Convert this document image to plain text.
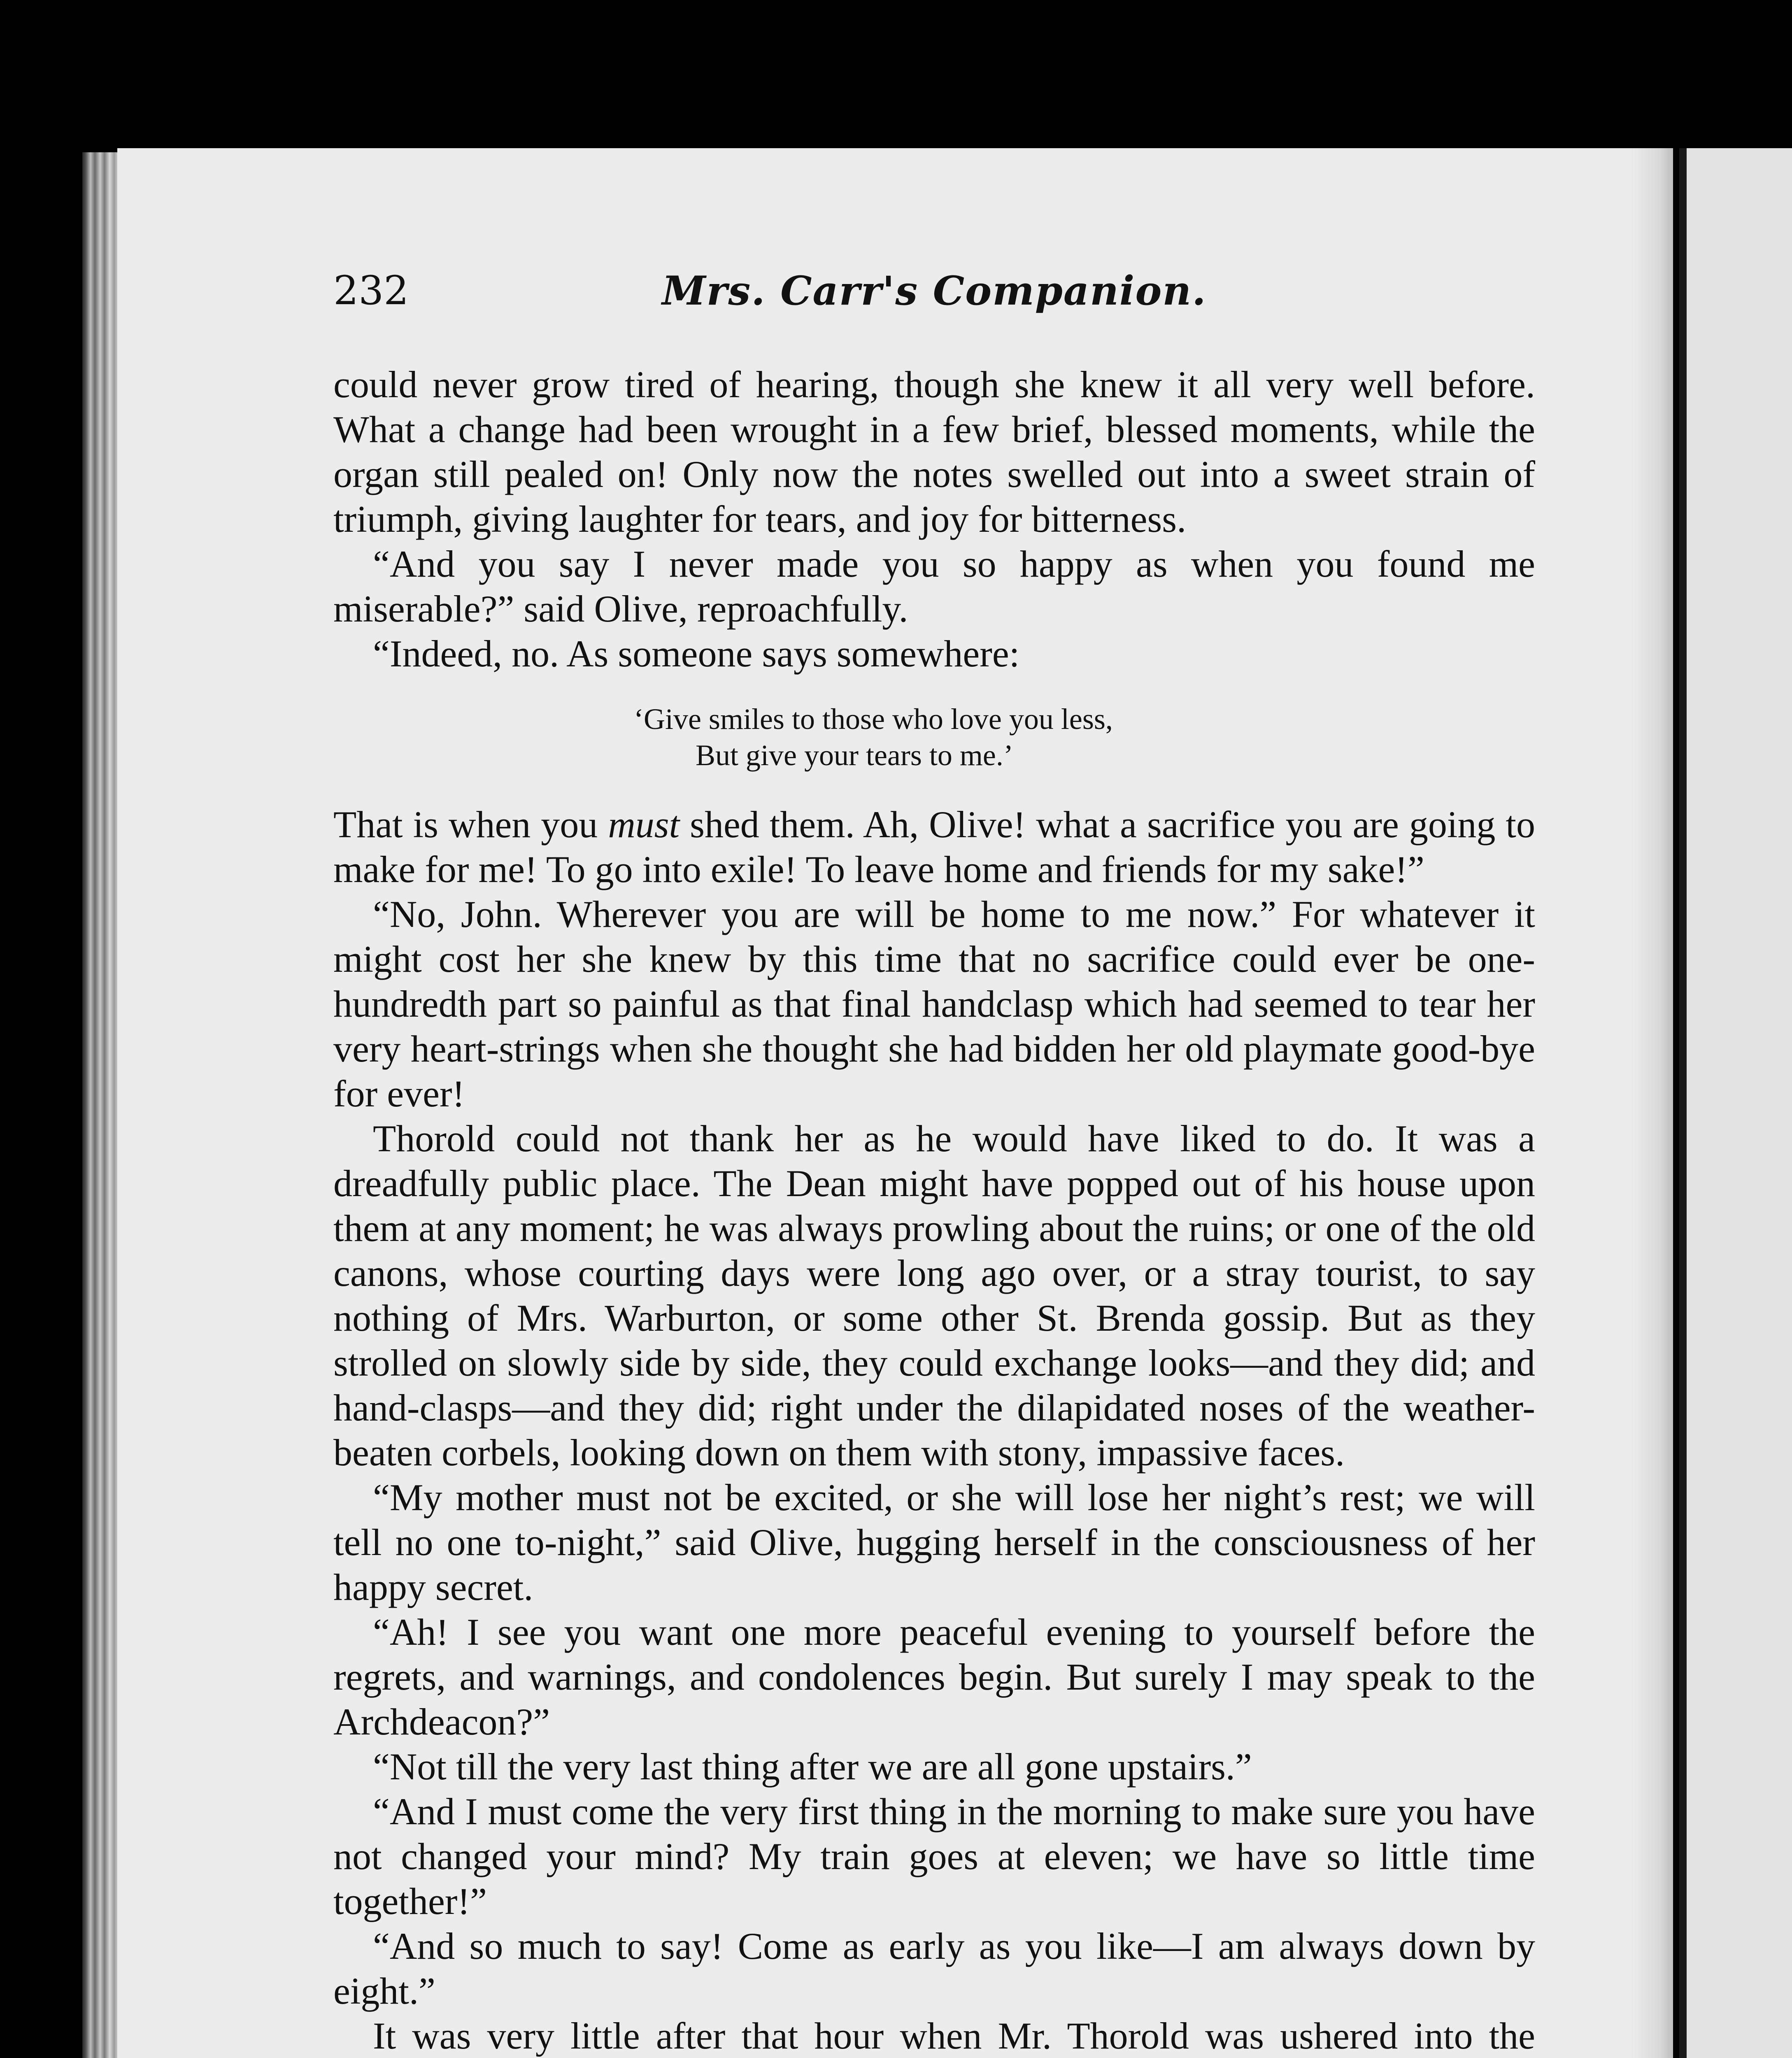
232	Mrs. Carr's Companion.

could never grow tired of hearing, though she knew it all very well before. What a change had been wrought in a few brief, blessed moments, while the organ still pealed on! Only now the notes swelled out into a sweet strain of triumph, giving laughter for tears, and joy for bitterness.

“And you say I never made you so happy as when you found me miserable?” said Olive, reproachfully.

“Indeed, no. As someone says somewhere:

‘Give smiles to those who love you less,
But give your tears to me.’

That is when you must shed them. Ah, Olive! what a sacrifice you are going to make for me! To go into exile! To leave home and friends for my sake!”

“No, John. Wherever you are will be home to me now.” For whatever it might cost her she knew by this time that no sacrifice could ever be one-hundredth part so painful as that final handclasp which had seemed to tear her very heart-strings when she thought she had bidden her old playmate good-bye for ever!

Thorold could not thank her as he would have liked to do. It was a dreadfully public place. The Dean might have popped out of his house upon them at any moment; he was always prowling about the ruins; or one of the old canons, whose courting days were long ago over, or a stray tourist, to say nothing of Mrs. Warburton, or some other St. Brenda gossip. But as they strolled on slowly side by side, they could exchange looks—and they did; and hand-clasps—and they did; right under the dilapidated noses of the weather-beaten corbels, looking down on them with stony, impassive faces.

“My mother must not be excited, or she will lose her night’s rest; we will tell no one to-night,” said Olive, hugging herself in the consciousness of her happy secret.

“Ah! I see you want one more peaceful evening to yourself before the regrets, and warnings, and condolences begin. But surely I may speak to the Archdeacon?”

“Not till the very last thing after we are all gone upstairs.”

“And I must come the very first thing in the morning to make sure you have not changed your mind? My train goes at eleven; we have so little time together!”

“And so much to say! Come as early as you like—I am always down by eight.”

It was very little after that hour when Mr. Thorold was ushered into the
